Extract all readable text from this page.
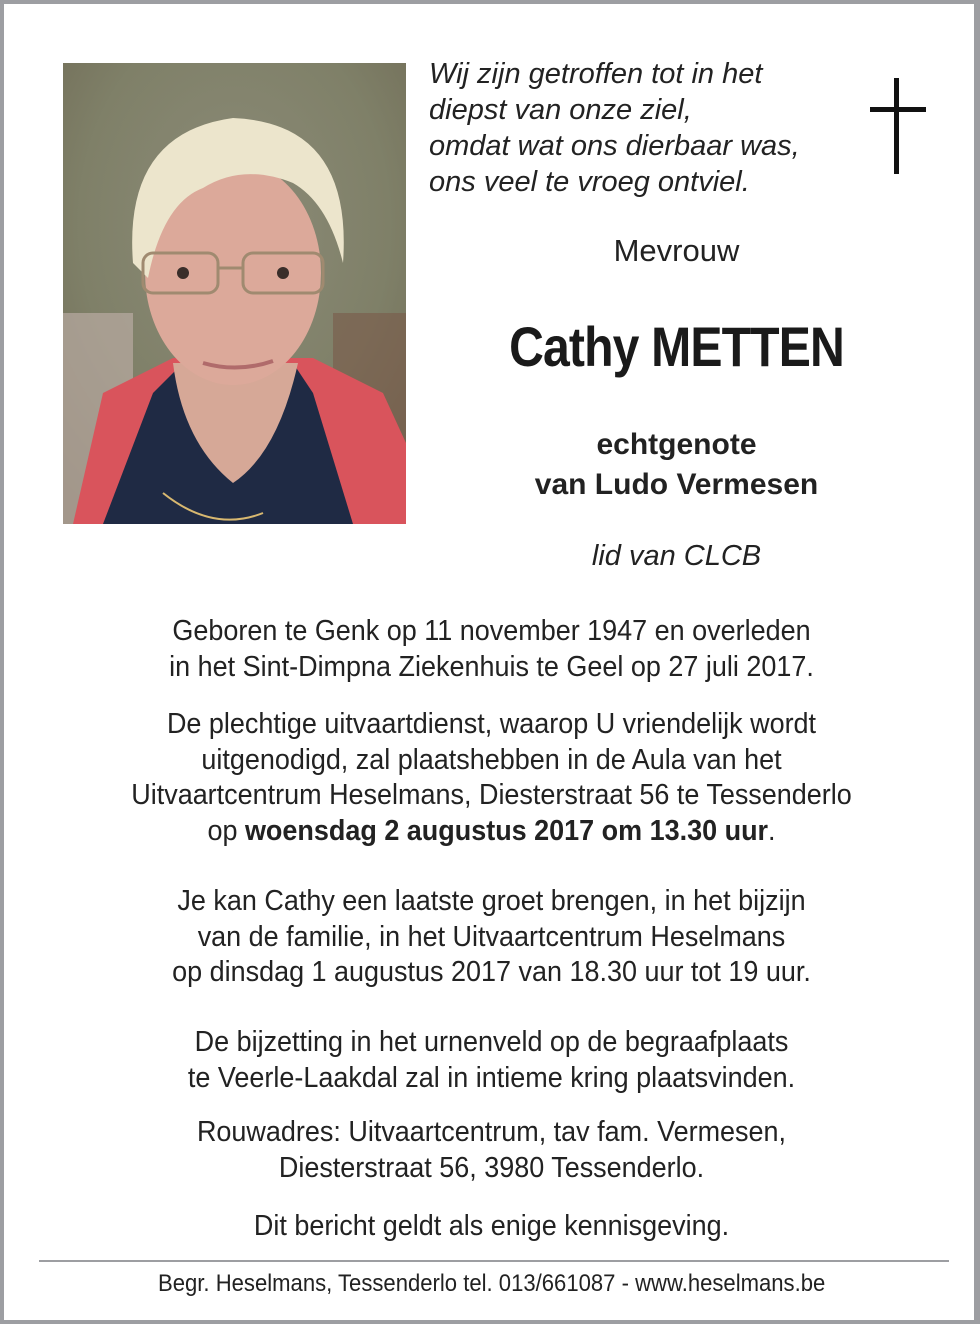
Wij zijn getroffen tot in het
diepst van onze ziel,
omdat wat ons dierbaar was,
ons veel te vroeg ontviel.
Mevrouw
Cathy METTEN
echtgenote
van Ludo Vermesen
lid van CLCB
Geboren te Genk op 11 november 1947 en overleden
in het Sint-Dimpna Ziekenhuis te Geel op 27 juli 2017.
De plechtige uitvaartdienst, waarop U vriendelijk wordt
uitgenodigd, zal plaatshebben in de Aula van het
Uitvaartcentrum Heselmans, Diesterstraat 56 te Tessenderlo
op woensdag 2 augustus 2017 om 13.30 uur.
Je kan Cathy een laatste groet brengen, in het bijzijn
van de familie, in het Uitvaartcentrum Heselmans
op dinsdag 1 augustus 2017 van 18.30 uur tot 19 uur.
De bijzetting in het urnenveld op de begraafplaats
te Veerle-Laakdal zal in intieme kring plaatsvinden.
Rouwadres: Uitvaartcentrum, tav fam. Vermesen,
Diesterstraat 56, 3980 Tessenderlo.
Dit bericht geldt als enige kennisgeving.
Begr. Heselmans, Tessenderlo tel. 013/661087 - www.heselmans.be
